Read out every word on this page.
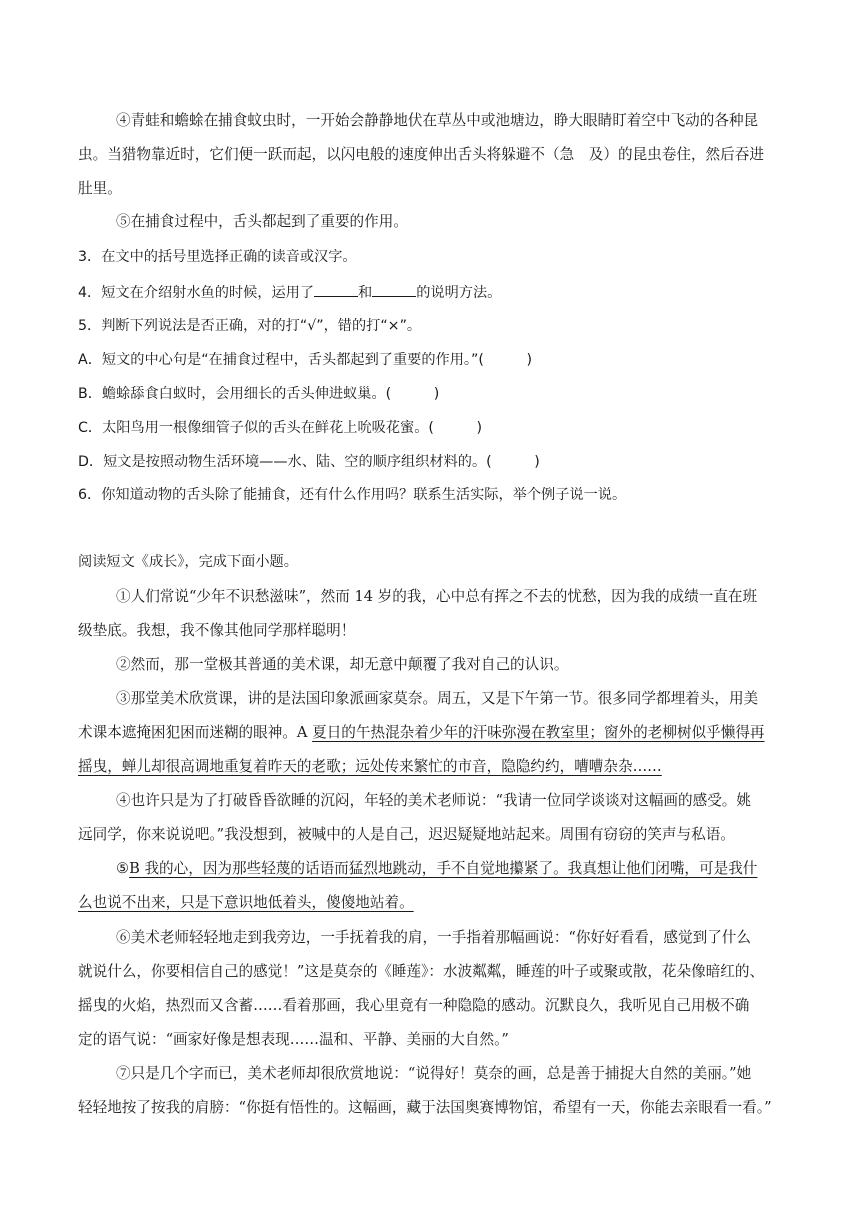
④青蛙和蟾蜍在捕食蚊虫时，一开始会静静地伏在草丛中或池塘边，睁大眼睛盯着空中飞动的各种昆
虫。当猎物靠近时，它们便一跃而起，以闪电般的速度伸出舌头将躲避不（急　及）的昆虫卷住，然后吞进
肚里。
⑤在捕食过程中，舌头都起到了重要的作用。
3．在文中的括号里选择正确的读音或汉字。
4．短文在介绍射水鱼的时候，运用了	和	的说明方法。
5．判断下列说法是否正确，对的打“√”，错的打“×”。
A．短文的中心句是“在捕食过程中，舌头都起到了重要的作用。”(　　　)
B．蟾蜍舔食白蚁时，会用细长的舌头伸进蚁巢。(　　　)
C．太阳鸟用一根像细管子似的舌头在鲜花上吮吸花蜜。(　　　)
D．短文是按照动物生活环境——水、陆、空的顺序组织材料的。(　　　)
6．你知道动物的舌头除了能捕食，还有什么作用吗？联系生活实际，举个例子说一说。
阅读短文《成长》，完成下面小题。
①人们常说“少年不识愁滋味”，然而 14 岁的我，心中总有挥之不去的忧愁，因为我的成绩一直在班
级垫底。我想，我不像其他同学那样聪明！
②然而，那一堂极其普通的美术课，却无意中颠覆了我对自己的认识。
③那堂美术欣赏课，讲的是法国印象派画家莫奈。周五，又是下午第一节。很多同学都埋着头，用美
术课本遮掩困犯困而迷糊的眼神。A 夏日的午热混杂着少年的汗味弥漫在教室里；窗外的老柳树似乎懒得再
摇曳，蝉儿却很高调地重复着昨天的老歌；远处传来繁忙的市音，隐隐约约，嘈嘈杂杂……
④也许只是为了打破昏昏欲睡的沉闷，年轻的美术老师说：“我请一位同学谈谈对这幅画的感受。姚
远同学，你来说说吧。”我没想到，被喊中的人是自己，迟迟疑疑地站起来。周围有窃窃的笑声与私语。
⑤B 我的心，因为那些轻蔑的话语而猛烈地跳动，手不自觉地攥紧了。我真想让他们闭嘴，可是我什
么也说不出来，只是下意识地低着头，傻傻地站着。
⑥美术老师轻轻地走到我旁边，一手抚着我的肩，一手指着那幅画说：“你好好看看，感觉到了什么
就说什么，你要相信自己的感觉！”这是莫奈的《睡莲》：水波粼粼，睡莲的叶子或聚或散，花朵像暗红的、
摇曳的火焰，热烈而又含蓄……看着那画，我心里竟有一种隐隐的感动。沉默良久，我听见自己用极不确
定的语气说：“画家好像是想表现……温和、平静、美丽的大自然。”
⑦只是几个字而已，美术老师却很欣赏地说：“说得好！莫奈的画，总是善于捕捉大自然的美丽。”她
轻轻地按了按我的肩膀：“你挺有悟性的。这幅画，藏于法国奥赛博物馆，希望有一天，你能去亲眼看一看。”
